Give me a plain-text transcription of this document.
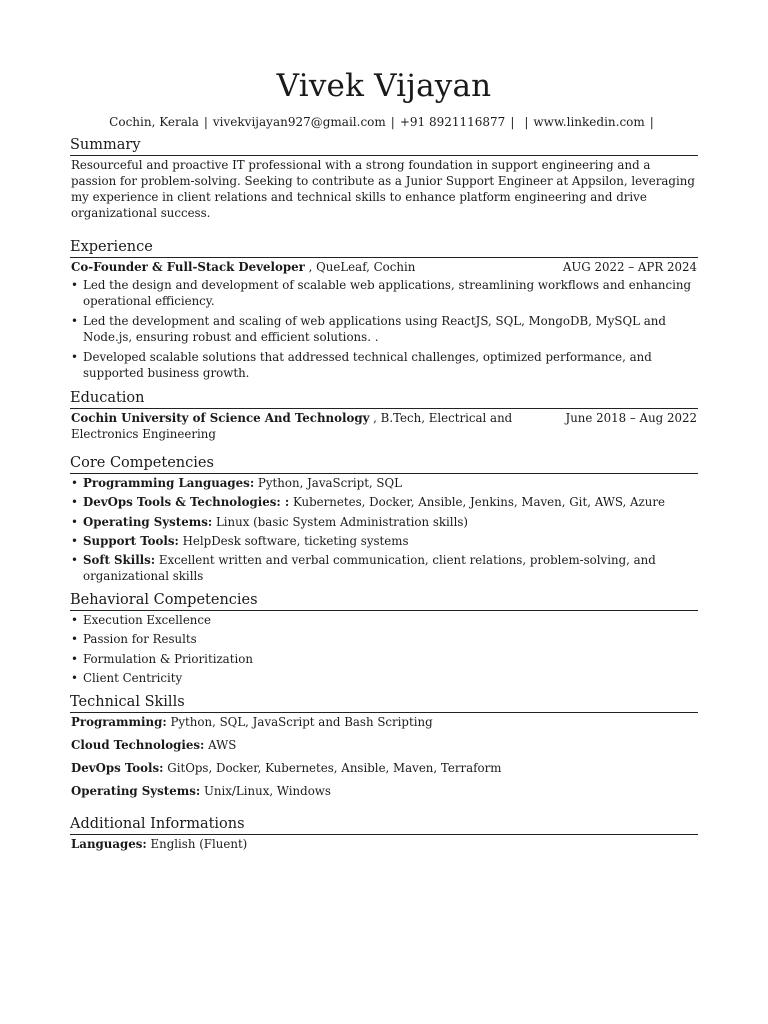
Vivek Vijayan
Cochin, Kerala | vivekvijayan927@gmail.com | +91 8921116877 | | www.linkedin.com |
Summary

Resourceful and proactive IT professional with a strong foundation in support engineering and a passion for problem-solving. Seeking to contribute as a Junior Support Engineer at Appsilon, leveraging my experience in client relations and technical skills to enhance platform engineering and drive organizational success.

Experience
Co-Founder & Full-Stack Developer , QueLeaf, Cochin	AUG 2022 – APR 2024
• Led the design and development of scalable web applications, streamlining workflows and enhancing operational efficiency.
• Led the development and scaling of web applications using ReactJS, SQL, MongoDB, MySQL and Node.js, ensuring robust and efficient solutions. .
• Developed scalable solutions that addressed technical challenges, optimized performance, and supported business growth.
Education
Cochin University of Science And Technology , B.Tech, Electrical and Electronics Engineering
June 2018 – Aug 2022
Core Competencies
• Programming Languages: Python, JavaScript, SQL
• DevOps Tools & Technologies: : Kubernetes, Docker, Ansible, Jenkins, Maven, Git, AWS, Azure
• Operating Systems: Linux (basic System Administration skills)
• Support Tools: HelpDesk software, ticketing systems
• Soft Skills: Excellent written and verbal communication, client relations, problem-solving, and organizational skills
Behavioral Competencies
• Execution Excellence
• Passion for Results
• Formulation & Prioritization
• Client Centricity
Technical Skills
Programming: Python, SQL, JavaScript and Bash Scripting
Cloud Technologies: AWS
DevOps Tools: GitOps, Docker, Kubernetes, Ansible, Maven, Terraform
Operating Systems: Unix/Linux, Windows
Additional Informations
Languages: English (Fluent)
